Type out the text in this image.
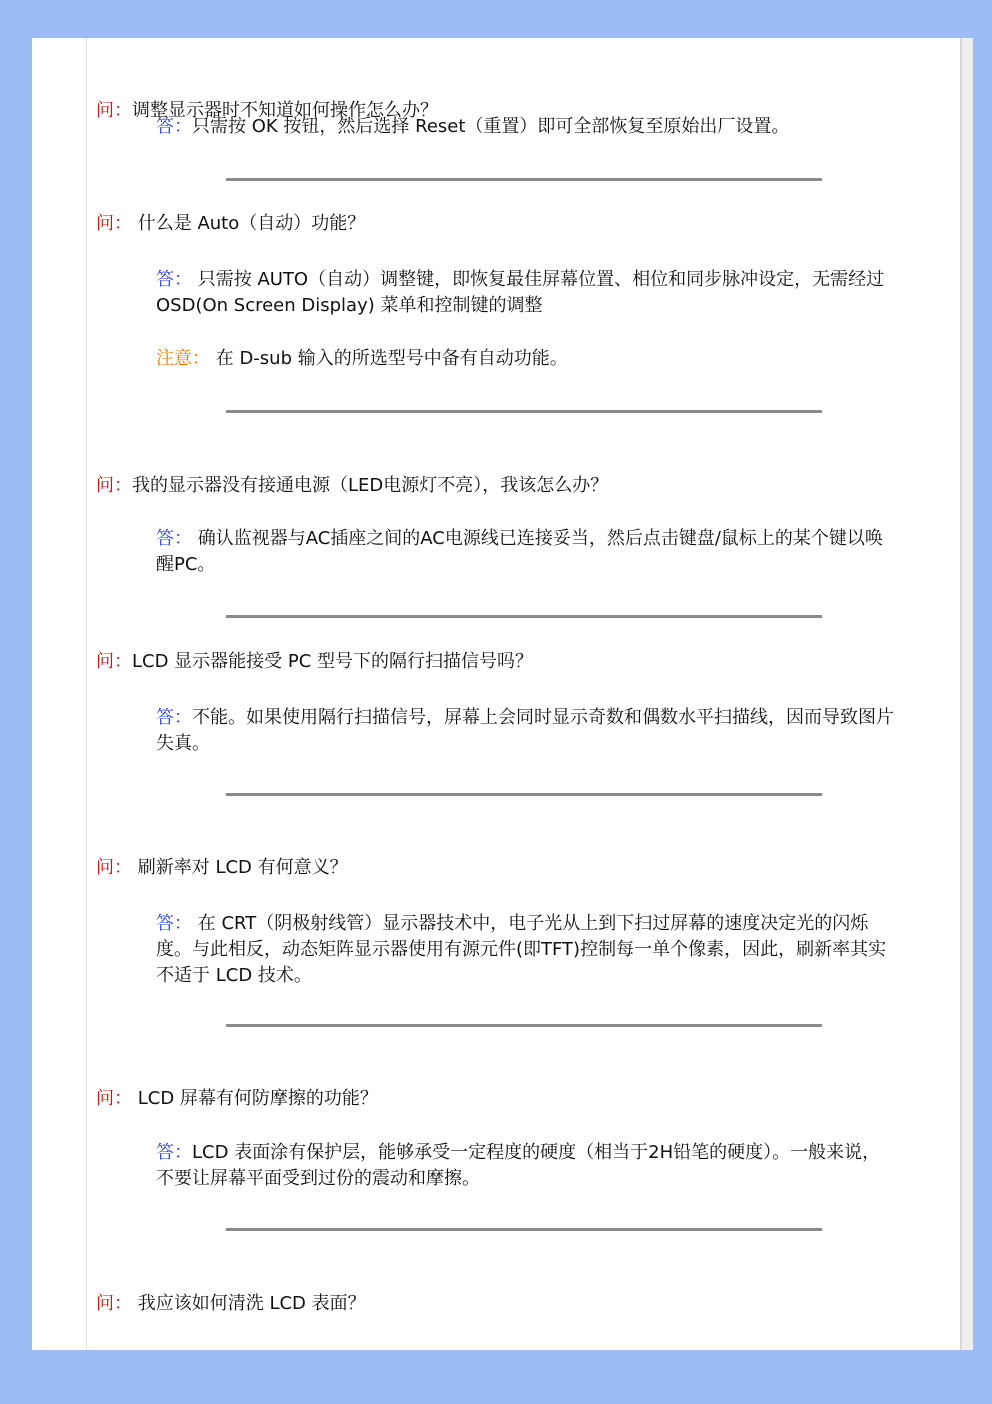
问：调整显示器时不知道如何操作怎么办？
答：只需按 OK 按钮，然后选择 Reset（重置）即可全部恢复至原始出厂设置。
问： 什么是 Auto（自动）功能？
答： 只需按 AUTO（自动）调整键，即恢复最佳屏幕位置、相位和同步脉冲设定，无需经过OSD(On Screen Display) 菜单和控制键的调整
注意： 在 D-sub 输入的所选型号中备有自动功能。
问：我的显示器没有接通电源（LED电源灯不亮），我该怎么办？
答： 确认监视器与AC插座之间的AC电源线已连接妥当，然后点击键盘/鼠标上的某个键以唤醒PC。
问：LCD 显示器能接受 PC 型号下的隔行扫描信号吗？
答：不能。如果使用隔行扫描信号，屏幕上会同时显示奇数和偶数水平扫描线，因而导致图片失真。
问： 刷新率对 LCD 有何意义？
答： 在 CRT（阴极射线管）显示器技术中，电子光从上到下扫过屏幕的速度决定光的闪烁度。与此相反，动态矩阵显示器使用有源元件(即TFT)控制每一单个像素，因此，刷新率其实不适于 LCD 技术。
问： LCD 屏幕有何防摩擦的功能？
答：LCD 表面涂有保护层，能够承受一定程度的硬度（相当于2H铅笔的硬度）。一般来说，不要让屏幕平面受到过份的震动和摩擦。
问： 我应该如何清洗 LCD 表面？
